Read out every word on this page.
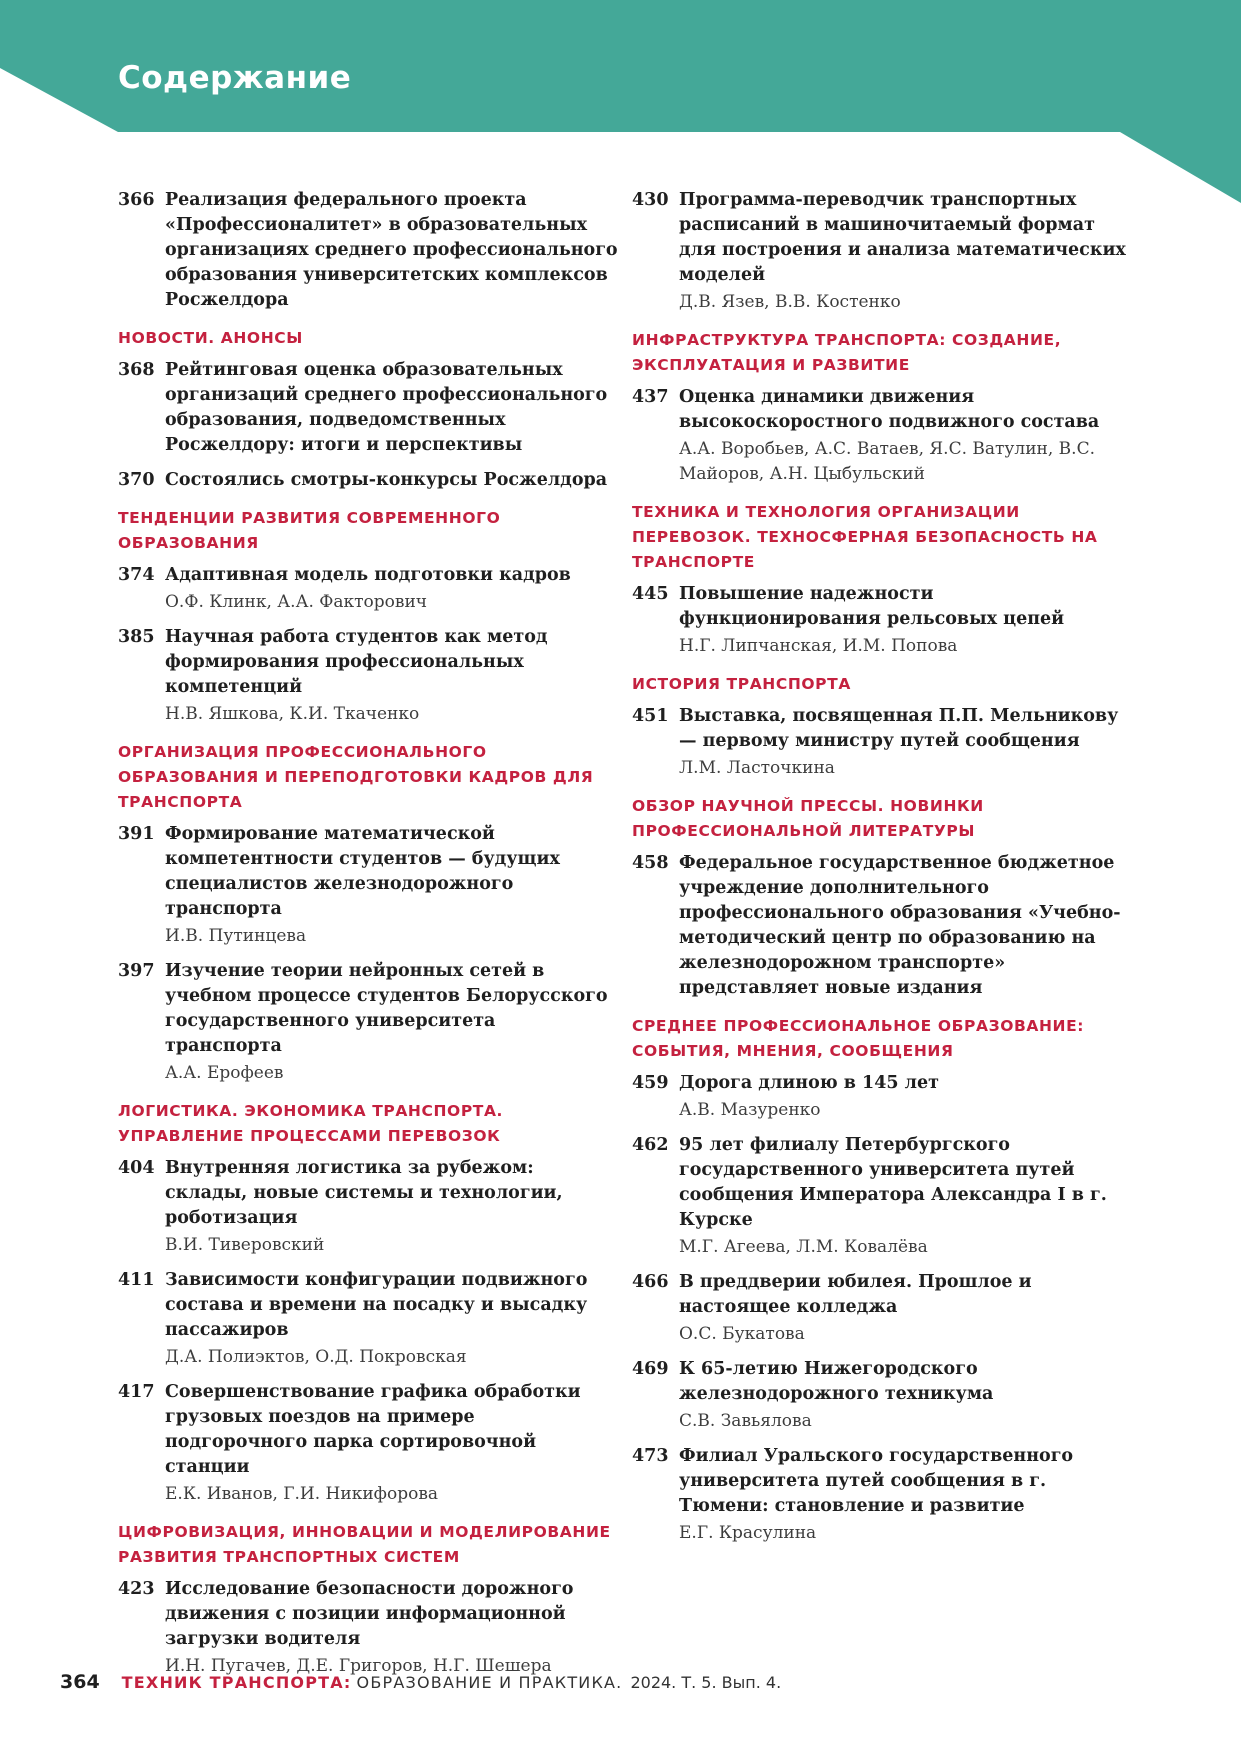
Содержание
366 Реализация федерального проекта «Профессионалитет» в образовательных организациях среднего профессионального образования университетских комплексов Росжелдора
НОВОСТИ. АНОНСЫ
368 Рейтинговая оценка образовательных организаций среднего профессионального образования, подведомственных Росжелдору: итоги и перспективы
370 Состоялись смотры-конкурсы Росжелдора
ТЕНДЕНЦИИ РАЗВИТИЯ СОВРЕМЕННОГО ОБРАЗОВАНИЯ
374 Адаптивная модель подготовки кадров
О.Ф. Клинк, А.А. Факторович
385 Научная работа студентов как метод формирования профессиональных компетенций
Н.В. Яшкова, К.И. Ткаченко
ОРГАНИЗАЦИЯ ПРОФЕССИОНАЛЬНОГО ОБРАЗОВАНИЯ И ПЕРЕПОДГОТОВКИ КАДРОВ ДЛЯ ТРАНСПОРТА
391 Формирование математической компетентности студентов — будущих специалистов железнодорожного транспорта
И.В. Путинцева
397 Изучение теории нейронных сетей в учебном процессе студентов Белорусского государственного университета транспорта
А.А. Ерофеев
ЛОГИСТИКА. ЭКОНОМИКА ТРАНСПОРТА. УПРАВЛЕНИЕ ПРОЦЕССАМИ ПЕРЕВОЗОК
404 Внутренняя логистика за рубежом: склады, новые системы и технологии, роботизация
В.И. Тиверовский
411 Зависимости конфигурации подвижного состава и времени на посадку и высадку пассажиров
Д.А. Полиэктов, О.Д. Покровская
417 Совершенствование графика обработки грузовых поездов на примере подгорочного парка сортировочной станции
Е.К. Иванов, Г.И. Никифорова
ЦИФРОВИЗАЦИЯ, ИННОВАЦИИ И МОДЕЛИРОВАНИЕ РАЗВИТИЯ ТРАНСПОРТНЫХ СИСТЕМ
423 Исследование безопасности дорожного движения с позиции информационной загрузки водителя
И.Н. Пугачев, Д.Е. Григоров, Н.Г. Шешера
430 Программа-переводчик транспортных расписаний в машиночитаемый формат для построения и анализа математических моделей
Д.В. Язев, В.В. Костенко
ИНФРАСТРУКТУРА ТРАНСПОРТА: СОЗДАНИЕ, ЭКСПЛУАТАЦИЯ И РАЗВИТИЕ
437 Оценка динамики движения высокоскоростного подвижного состава
А.А. Воробьев, А.С. Ватаев, Я.С. Ватулин, В.С. Майоров, А.Н. Цыбульский
ТЕХНИКА И ТЕХНОЛОГИЯ ОРГАНИЗАЦИИ ПЕРЕВОЗОК. ТЕХНОСФЕРНАЯ БЕЗОПАСНОСТЬ НА ТРАНСПОРТЕ
445 Повышение надежности функционирования рельсовых цепей
Н.Г. Липчанская, И.М. Попова
ИСТОРИЯ ТРАНСПОРТА
451 Выставка, посвященная П.П. Мельникову — первому министру путей сообщения
Л.М. Ласточкина
ОБЗОР НАУЧНОЙ ПРЕССЫ. НОВИНКИ ПРОФЕССИОНАЛЬНОЙ ЛИТЕРАТУРЫ
458 Федеральное государственное бюджетное учреждение дополнительного профессионального образования «Учебно-методический центр по образованию на железнодорожном транспорте» представляет новые издания
СРЕДНЕЕ ПРОФЕССИОНАЛЬНОЕ ОБРАЗОВАНИЕ: СОБЫТИЯ, МНЕНИЯ, СООБЩЕНИЯ
459 Дорога длиною в 145 лет
А.В. Мазуренко
462 95 лет филиалу Петербургского государственного университета путей сообщения Императора Александра I в г. Курске
М.Г. Агеева, Л.М. Ковалёва
466 В преддверии юбилея. Прошлое и настоящее колледжа
О.С. Букатова
469 К 65-летию Нижегородского железнодорожного техникума
С.В. Завьялова
473 Филиал Уральского государственного университета путей сообщения в г. Тюмени: становление и развитие
Е.Г. Красулина
364 ТЕХНИК ТРАНСПОРТА: ОБРАЗОВАНИЕ И ПРАКТИКА. 2024. Т. 5. Вып. 4.
